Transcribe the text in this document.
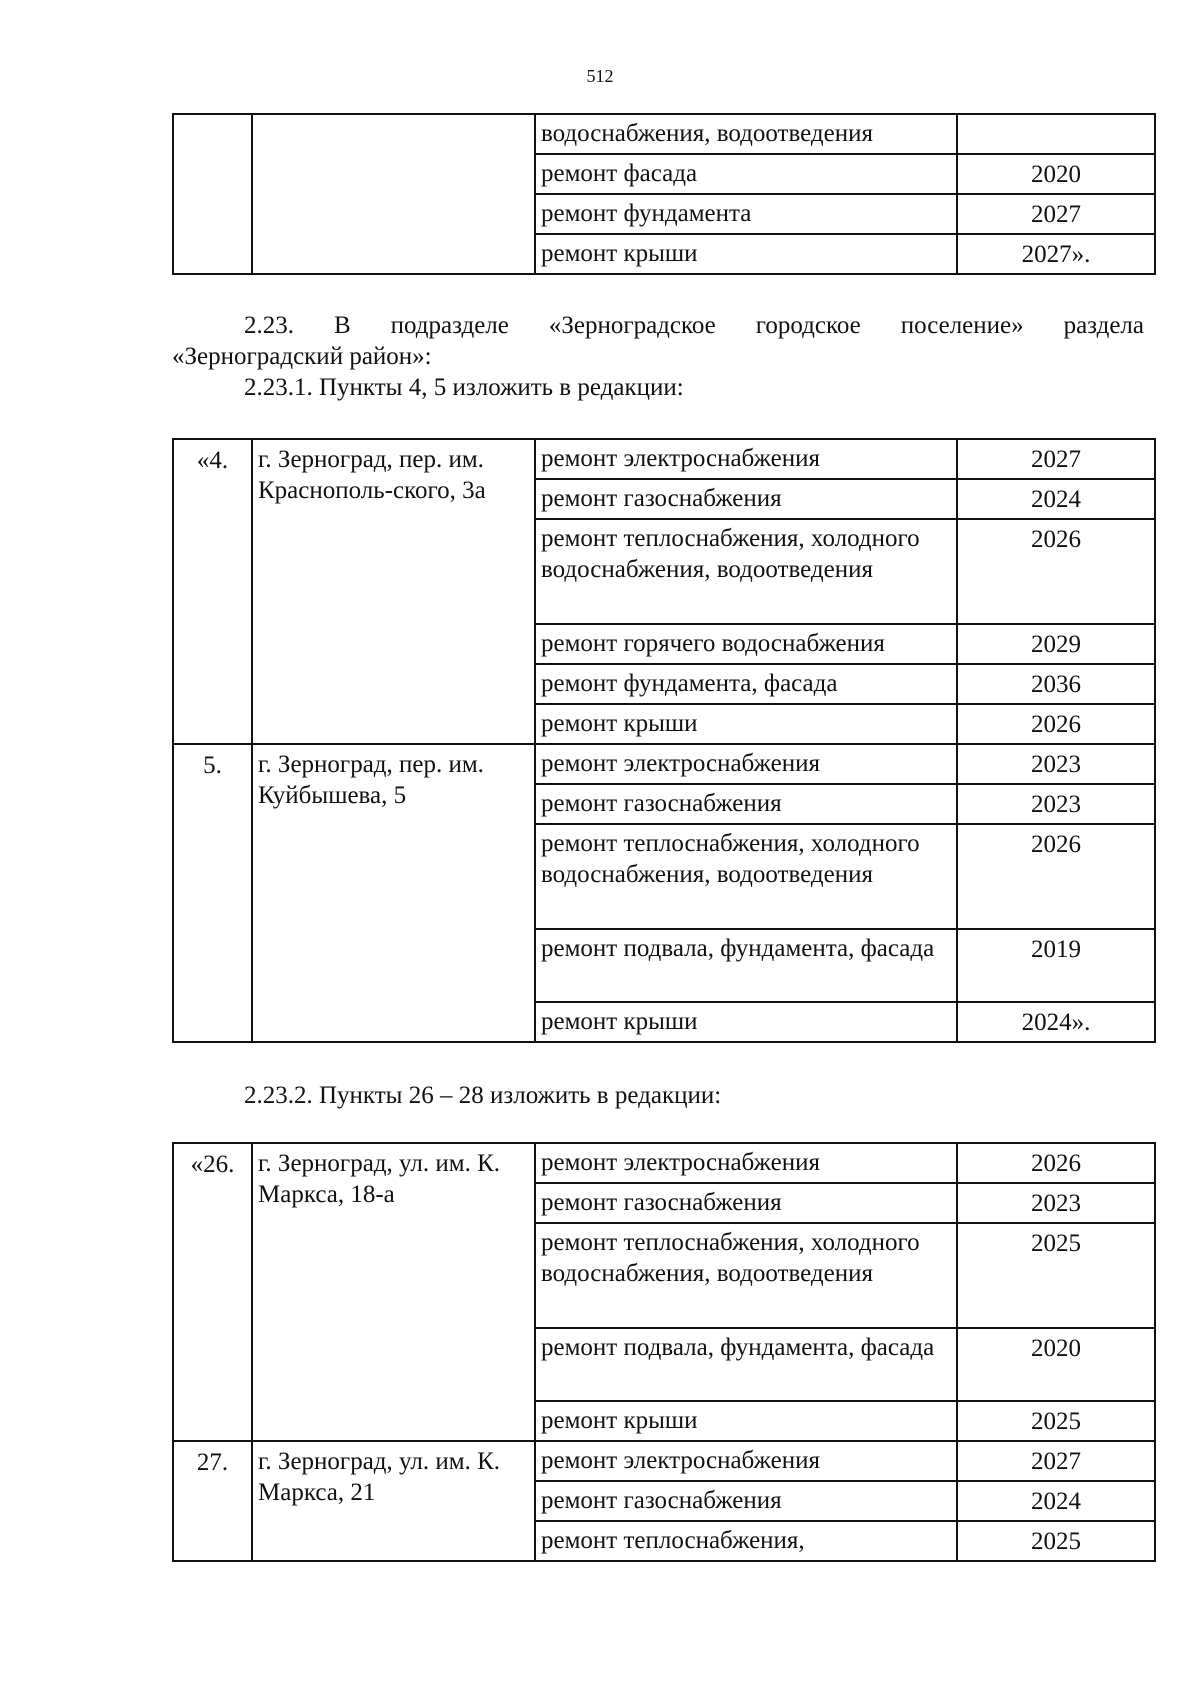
512
		водоснабжения, водоотведения	
		ремонт фасада	2020
		ремонт фундамента	2027
		ремонт крыши	2027».
2.23. В подразделе «Зерноградское городское поселение» раздела
«Зерноградский район»:
2.23.1. Пункты 4, 5 изложить в редакции:
«4.	г. Зерноград, пер. им. Краснополь-ского, 3а	ремонт электроснабжения	2027
		ремонт газоснабжения	2024
		ремонт теплоснабжения, холодного водоснабжения, водоотведения	2026
		ремонт горячего водоснабжения	2029
		ремонт фундамента, фасада	2036
		ремонт крыши	2026
5.	г. Зерноград, пер. им. Куйбышева, 5	ремонт электроснабжения	2023
		ремонт газоснабжения	2023
		ремонт теплоснабжения, холодного водоснабжения, водоотведения	2026
		ремонт подвала, фундамента, фасада	2019
		ремонт крыши	2024».
2.23.2. Пункты 26 – 28 изложить в редакции:
«26.	г. Зерноград, ул. им. К. Маркса, 18-а	ремонт электроснабжения	2026
		ремонт газоснабжения	2023
		ремонт теплоснабжения, холодного водоснабжения, водоотведения	2025
		ремонт подвала, фундамента, фасада	2020
		ремонт крыши	2025
27.	г. Зерноград, ул. им. К. Маркса, 21	ремонт электроснабжения	2027
		ремонт газоснабжения	2024
		ремонт теплоснабжения,	2025
